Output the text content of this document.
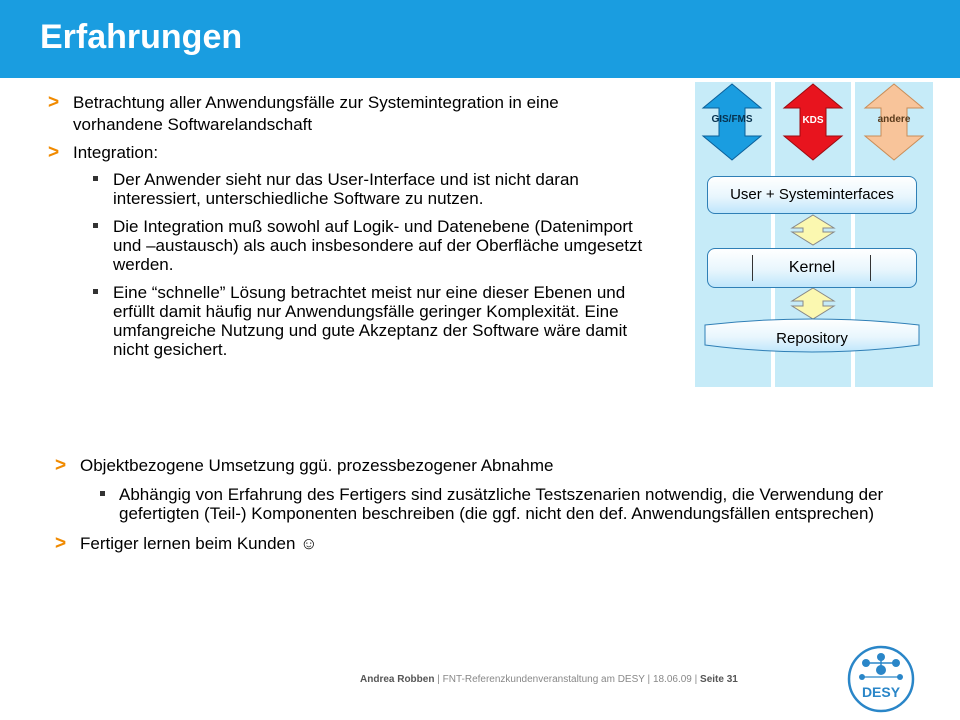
Erfahrungen
> Betrachtung aller Anwendungsfälle zur Systemintegration in eine vorhandene Softwarelandschaft
> Integration:
Der Anwender sieht nur das User-Interface und ist nicht daran interessiert, unterschiedliche Software zu nutzen.
Die Integration muß sowohl auf Logik- und Datenebene (Datenimport und –austausch) als auch insbesondere auf der Oberfläche umgesetzt werden.
Eine “schnelle” Lösung betrachtet meist nur eine dieser Ebenen und erfüllt damit häufig nur Anwendungsfälle geringer Komplexität. Eine umfangreiche Nutzung und gute Akzeptanz der Software wäre damit nicht gesichert.
GIS/FMS	KDS	andere
User + Systeminterfaces
Kernel
Repository
> Objektbezogene Umsetzung ggü. prozessbezogener Abnahme
Abhängig von Erfahrung des Fertigers sind zusätzliche Testszenarien notwendig, die Verwendung der gefertigten (Teil-) Komponenten beschreiben (die ggf. nicht den def. Anwendungsfällen entsprechen)
> Fertiger lernen beim Kunden ☺
Andrea Robben | FNT-Referenzkundenveranstaltung am DESY | 18.06.09 | Seite 31
DESY
